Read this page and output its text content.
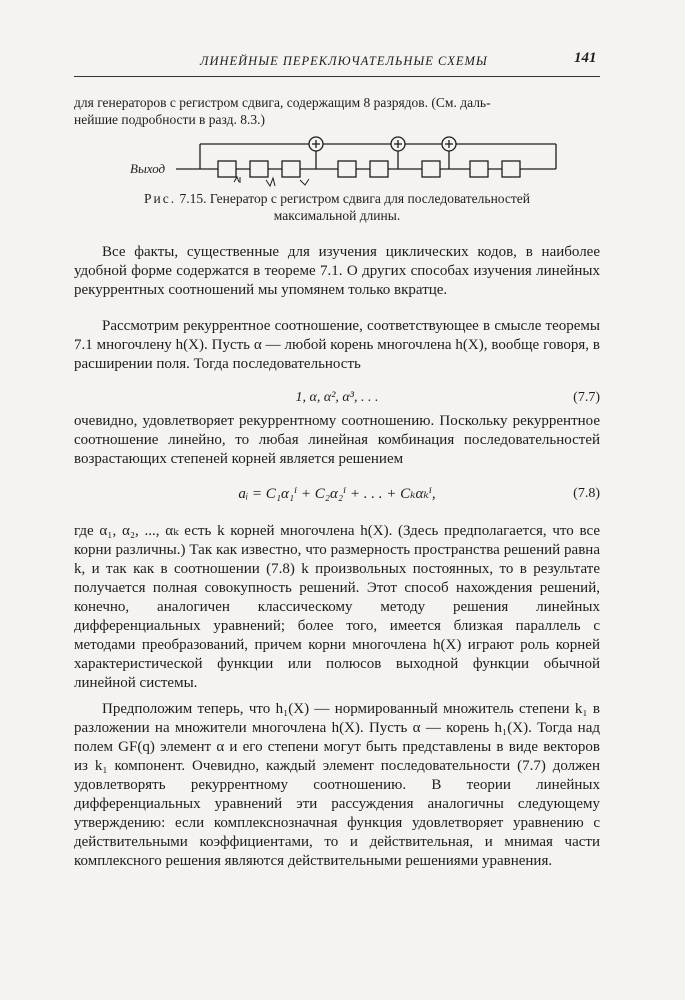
ЛИНЕЙНЫЕ ПЕРЕКЛЮЧАТЕЛЬНЫЕ СХЕМЫ	141
для генераторов с регистром сдвига, содержащим 8 разрядов. (См. даль-
нейшие подробности в разд. 8.3.)
Выход
Рис. 7.15. Генератор с регистром сдвига для последовательностей
максимальной длины.
Все факты, существенные для изучения циклических кодов, в наиболее удобной форме содержатся в теореме 7.1. О других способах изучения линейных рекуррентных соотношений мы упомянем только вкратце.
Рассмотрим рекуррентное соотношение, соответствующее в смысле теоремы 7.1 многочлену h(X). Пусть α — любой корень многочлена h(X), вообще говоря, в расширении поля. Тогда последовательность
1, α, α², α³, . . .	(7.7)
очевидно, удовлетворяет рекуррентному соотношению. Поскольку рекуррентное соотношение линейно, то любая линейная комбинация последовательностей возрастающих степеней корней является решением
aᵢ = C₁α₁ⁱ + C₂α₂ⁱ + . . . + Cₖαₖⁱ,	(7.8)
где α₁, α₂, ..., αₖ есть k корней многочлена h(X). (Здесь предполагается, что все корни различны.) Так как известно, что размерность пространства решений равна k, и так как в соотношении (7.8) k произвольных постоянных, то в результате получается полная совокупность решений. Этот способ нахождения решений, конечно, аналогичен классическому методу решения линейных дифференциальных уравнений; более того, имеется близкая параллель с методами преобразований, причем корни многочлена h(X) играют роль корней характеристической функции или полюсов выходной функции обычной линейной системы.
Предположим теперь, что h₁(X) — нормированный множитель степени k₁ в разложении на множители многочлена h(X). Пусть α — корень h₁(X). Тогда над полем GF(q) элемент α и его степени могут быть представлены в виде векторов из k₁ компонент. Очевидно, каждый элемент последовательности (7.7) должен удовлетворять рекуррентному соотношению. В теории линейных дифференциальных уравнений эти рассуждения аналогичны следующему утверждению: если комплекснозначная функция удовлетворяет уравнению с действительными коэффициентами, то и действительная, и мнимая части комплексного решения являются действительными решениями уравнения.
